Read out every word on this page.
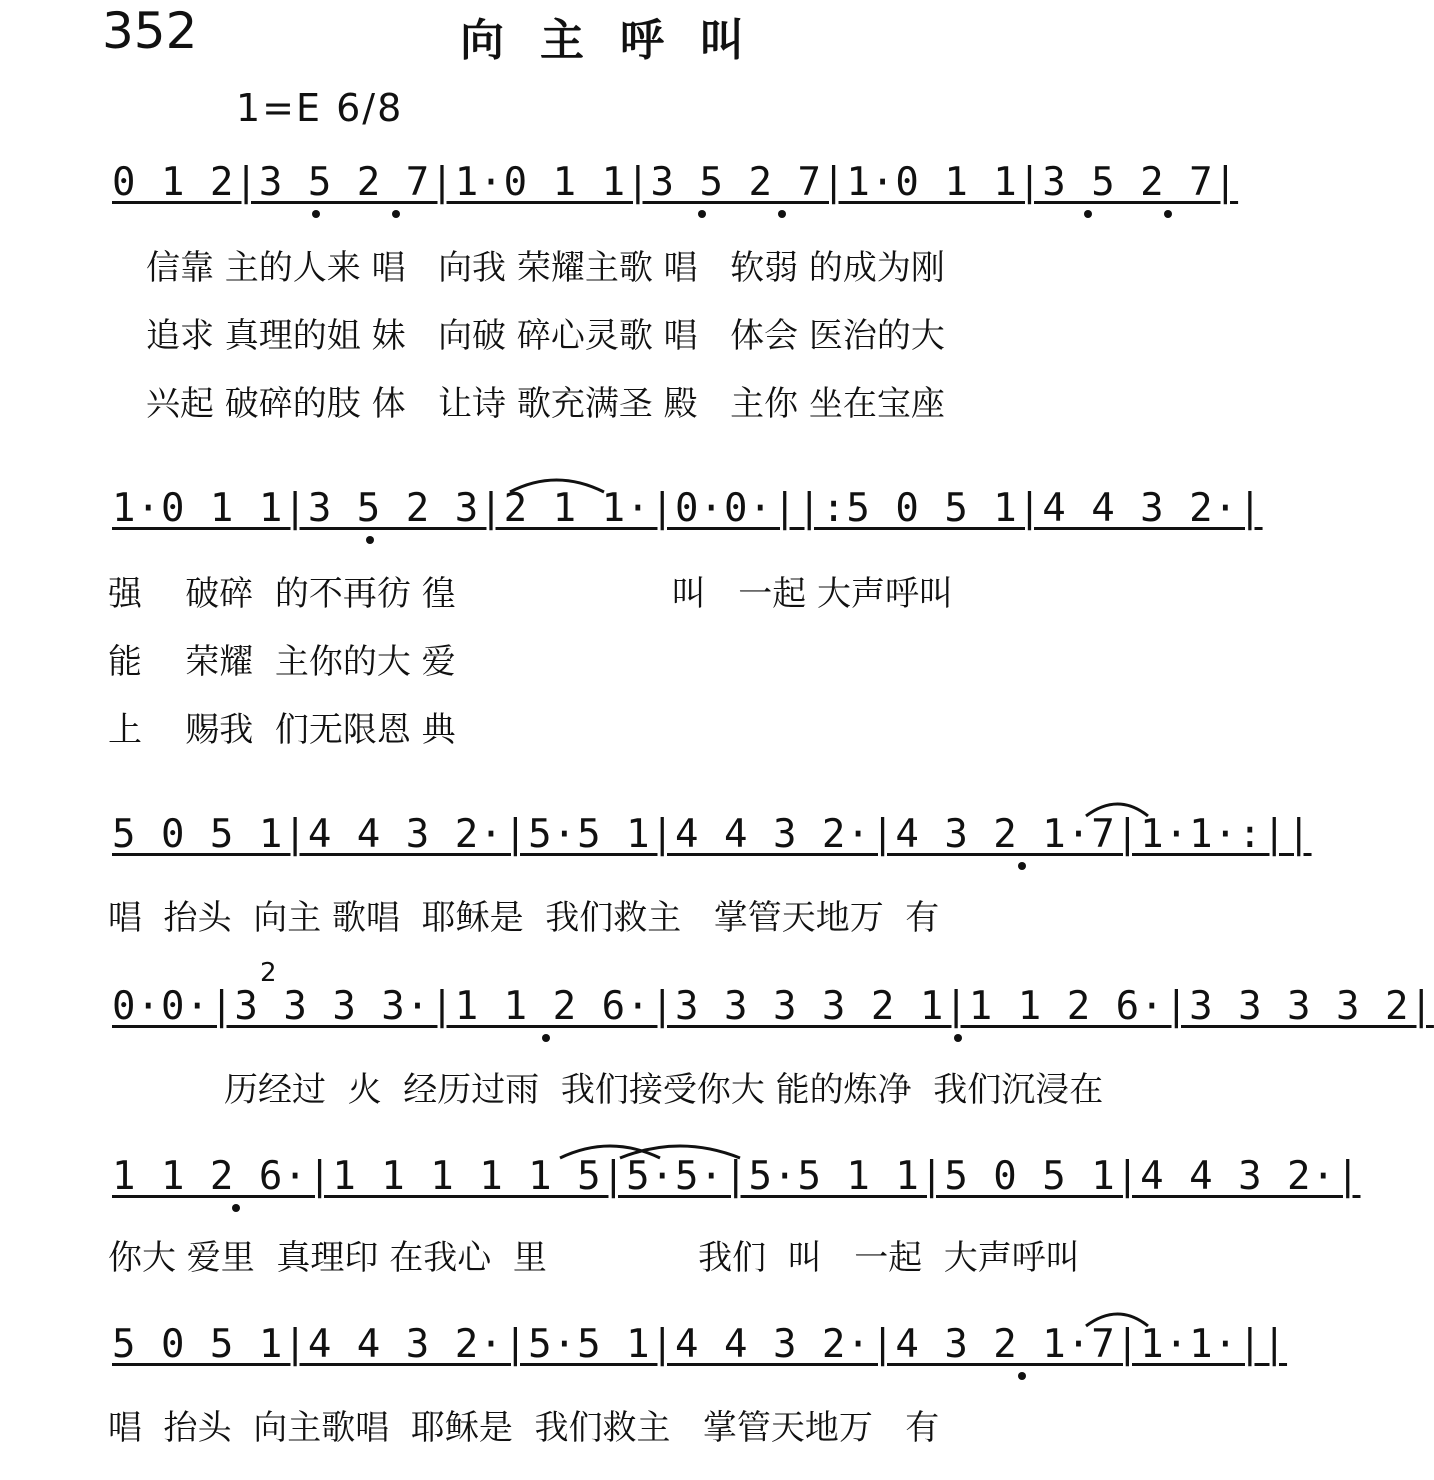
352	向主呼叫
1=E 6/8
0 1 2|3 5 2 7|1·0 1 1|3 5 2 7|1·0 1 1|3 5 2 7|
信靠 主的人来 唱   向我 荣耀主歌 唱   软弱 的成为刚
追求 真理的姐 妹   向破 碎心灵歌 唱   体会 医治的大
兴起 破碎的肢 体   让诗 歌充满圣 殿   主你 坐在宝座
1·0 1 1|3 5 2 3|2 1 1·|0·0·||:5 0 5 1|4 4 3 2·|
强    破碎  的不再彷 徨                    叫   一起 大声呼叫
能    荣耀  主你的大 爱
上    赐我  们无限恩 典
5 0 5 1|4 4 3 2·|5·5 1|4 4 3 2·|4 3 2 1·7|1·1·:||
唱  抬头  向主 歌唱  耶稣是  我们救主   掌管天地万  有
2
0·0·|3 3 3 3·|1 1 2 6·|3 3 3 3 2 1|1 1 2 6·|3 3 3 3 2|
历经过  火  经历过雨  我们接受你大 能的炼净  我们沉浸在
1 1 2 6·|1 1 1 1 1 5|5·5·|5·5 1 1|5 0 5 1|4 4 3 2·|
你大 爱里  真理印 在我心  里              我们  叫   一起  大声呼叫
5 0 5 1|4 4 3 2·|5·5 1|4 4 3 2·|4 3 2 1·7|1·1·||
唱  抬头  向主歌唱  耶稣是  我们救主   掌管天地万   有
